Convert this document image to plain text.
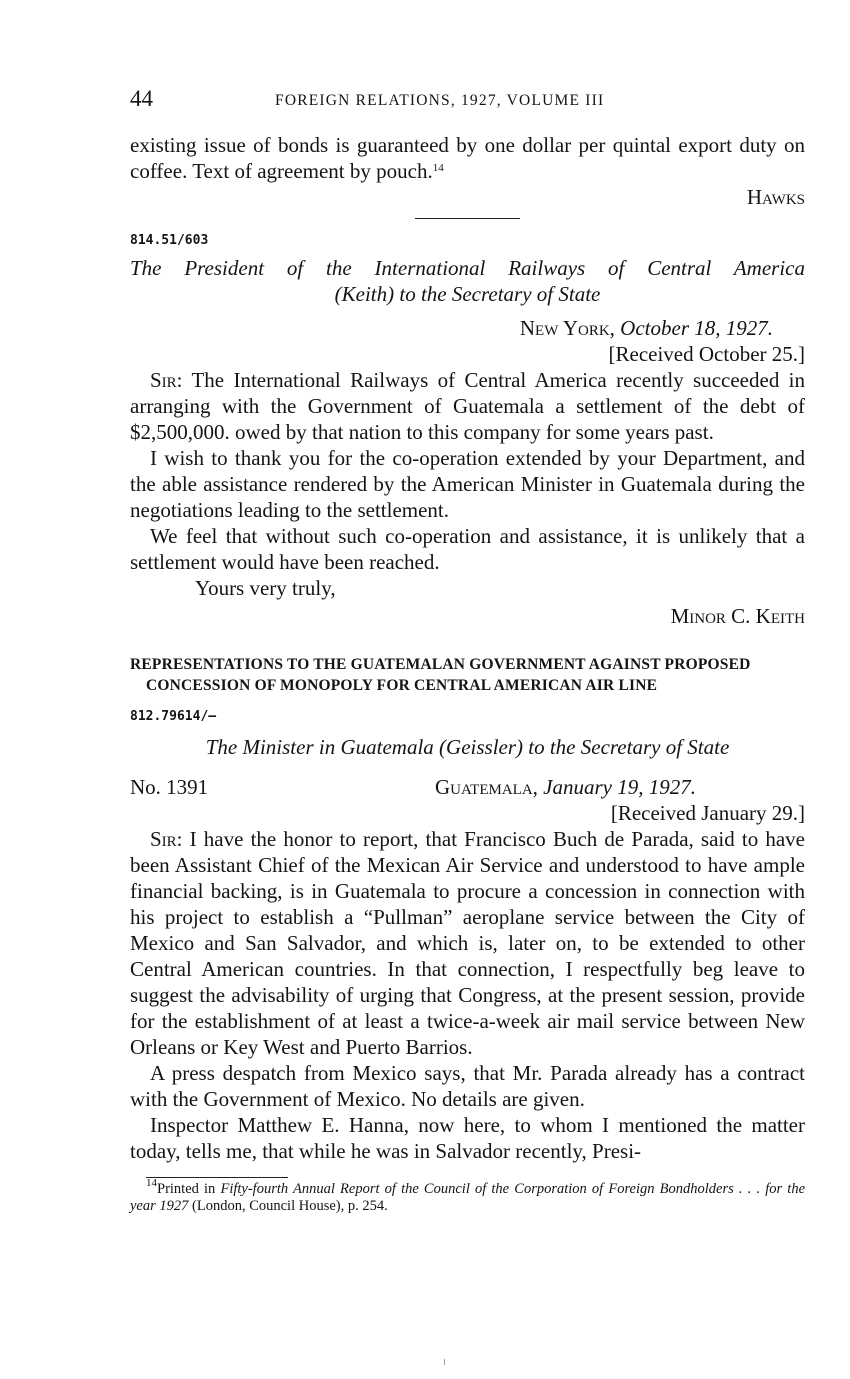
44	FOREIGN RELATIONS, 1927, VOLUME III

existing issue of bonds is guaranteed by one dollar per quintal export duty on coffee. Text of agreement by pouch.$^{14}$

Hawks

814.51/603
The President of the International Railways of Central America
(Keith) to the Secretary of State

New York, October 18, 1927.

[Received October 25.]

Sir: The International Railways of Central America recently succeeded in arranging with the Government of Guatemala a settlement of the debt of $2,500,000. owed by that nation to this company for some years past.

I wish to thank you for the co-operation extended by your Department, and the able assistance rendered by the American Minister in Guatemala during the negotiations leading to the settlement.

We feel that without such co-operation and assistance, it is unlikely that a settlement would have been reached.

Yours very truly,

Minor C. Keith

REPRESENTATIONS TO THE GUATEMALAN GOVERNMENT AGAINST PROPOSED CONCESSION OF MONOPOLY FOR CENTRAL AMERICAN AIR LINE
812.79614/–
The Minister in Guatemala (Geissler) to the Secretary of State
No. 1391	Guatemala, January 19, 1927.

[Received January 29.]

Sir: I have the honor to report, that Francisco Buch de Parada, said to have been Assistant Chief of the Mexican Air Service and understood to have ample financial backing, is in Guatemala to procure a concession in connection with his project to establish a “Pullman” aeroplane service between the City of Mexico and San Salvador, and which is, later on, to be extended to other Central American countries. In that connection, I respectfully beg leave to suggest the advisability of urging that Congress, at the present session, provide for the establishment of at least a twice-a-week air mail service between New Orleans or Key West and Puerto Barrios.

A press despatch from Mexico says, that Mr. Parada already has a contract with the Government of Mexico. No details are given.

Inspector Matthew E. Hanna, now here, to whom I mentioned the matter today, tells me, that while he was in Salvador recently, Presi-

$^{14}$Printed in Fifty-fourth Annual Report of the Council of the Corporation of Foreign Bondholders . . . for the year 1927 (London, Council House), p. 254.
